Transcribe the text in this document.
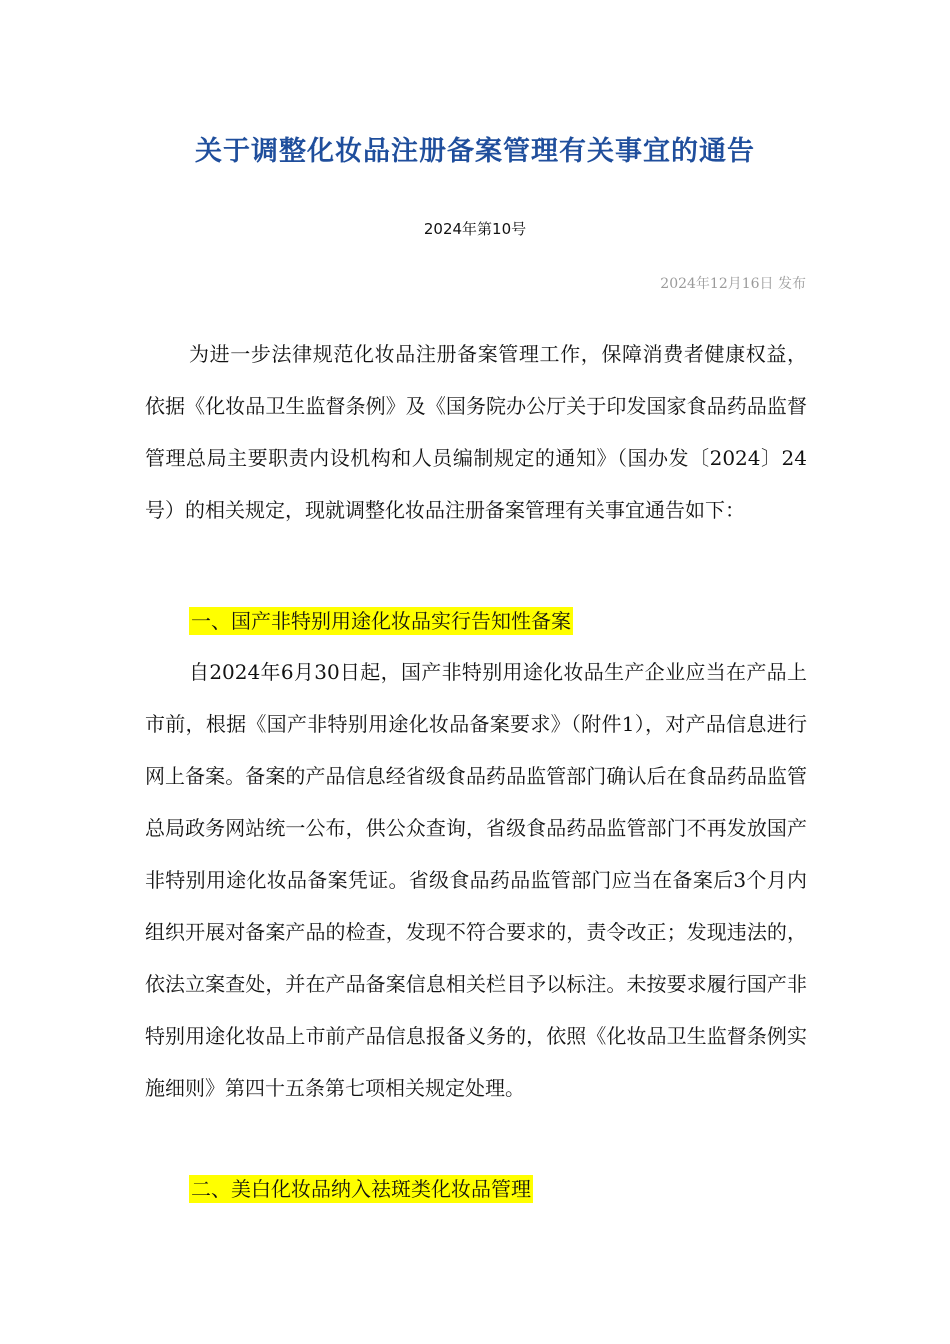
关于调整化妆品注册备案管理有关事宜的通告
2024年第10号
2024年12月16日 发布

为进一步法律规范化妆品注册备案管理工作，保障消费者健康权益，依据《化妆品卫生监督条例》及《国务院办公厅关于印发国家食品药品监督管理总局主要职责内设机构和人员编制规定的通知》（国办发〔2024〕24号）的相关规定，现就调整化妆品注册备案管理有关事宜通告如下：

一、国产非特别用途化妆品实行告知性备案

自2024年6月30日起，国产非特别用途化妆品生产企业应当在产品上市前，根据《国产非特别用途化妆品备案要求》（附件1），对产品信息进行网上备案。备案的产品信息经省级食品药品监管部门确认后在食品药品监管总局政务网站统一公布，供公众查询，省级食品药品监管部门不再发放国产非特别用途化妆品备案凭证。省级食品药品监管部门应当在备案后3个月内组织开展对备案产品的检查，发现不符合要求的，责令改正；发现违法的，依法立案查处，并在产品备案信息相关栏目予以标注。未按要求履行国产非特别用途化妆品上市前产品信息报备义务的，依照《化妆品卫生监督条例实施细则》第四十五条第七项相关规定处理。

二、美白化妆品纳入祛斑类化妆品管理
